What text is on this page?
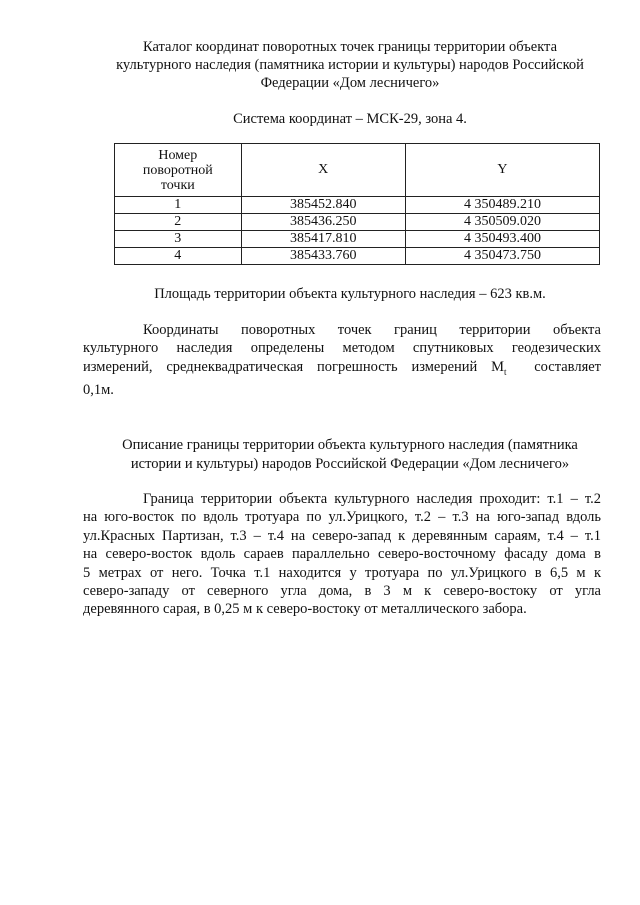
Каталог координат поворотных точек границы территории объекта
культурного наследия (памятника истории и культуры) народов Российской
Федерации «Дом лесничего»
Система координат – МСК-29, зона 4.
Номер
поворотной
точки	X	Y
1	385452.840	4 350489.210
2	385436.250	4 350509.020
3	385417.810	4 350493.400
4	385433.760	4 350473.750
Площадь территории объекта культурного наследия – 623 кв.м.
Координаты поворотных точек границ территории объекта
культурного наследия определены методом спутниковых геодезических
измерений, среднеквадратическая погрешность измерений $M_t$  составляет
0,1м.
Описание границы территории объекта культурного наследия (памятника
истории и культуры) народов Российской Федерации «Дом лесничего»
Граница территории объекта культурного наследия проходит: т.1 – т.2
на юго-восток по вдоль тротуара по ул.Урицкого, т.2 – т.3 на юго-запад вдоль
ул.Красных Партизан, т.3 – т.4 на северо-запад к деревянным сараям, т.4 – т.1
на северо-восток вдоль сараев параллельно северо-восточному фасаду дома в
5 метрах от него. Точка т.1 находится у тротуара по ул.Урицкого в 6,5 м к
северо-западу от северного угла дома, в 3 м к северо-востоку от угла
деревянного сарая, в 0,25 м к северо-востоку от металлического забора.
